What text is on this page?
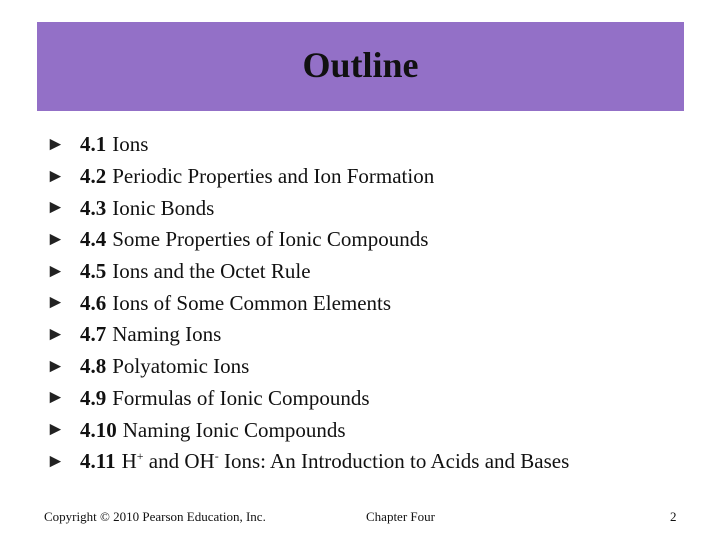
Outline
► 4.1 Ions
► 4.2 Periodic Properties and Ion Formation
► 4.3 Ionic Bonds
► 4.4 Some Properties of Ionic Compounds
► 4.5 Ions and the Octet Rule
► 4.6 Ions of Some Common Elements
► 4.7 Naming Ions
► 4.8 Polyatomic Ions
► 4.9 Formulas of Ionic Compounds
► 4.10 Naming Ionic Compounds
► 4.11 H+ and OH- Ions: An Introduction to Acids and Bases
Copyright © 2010 Pearson Education, Inc.	Chapter Four	2
